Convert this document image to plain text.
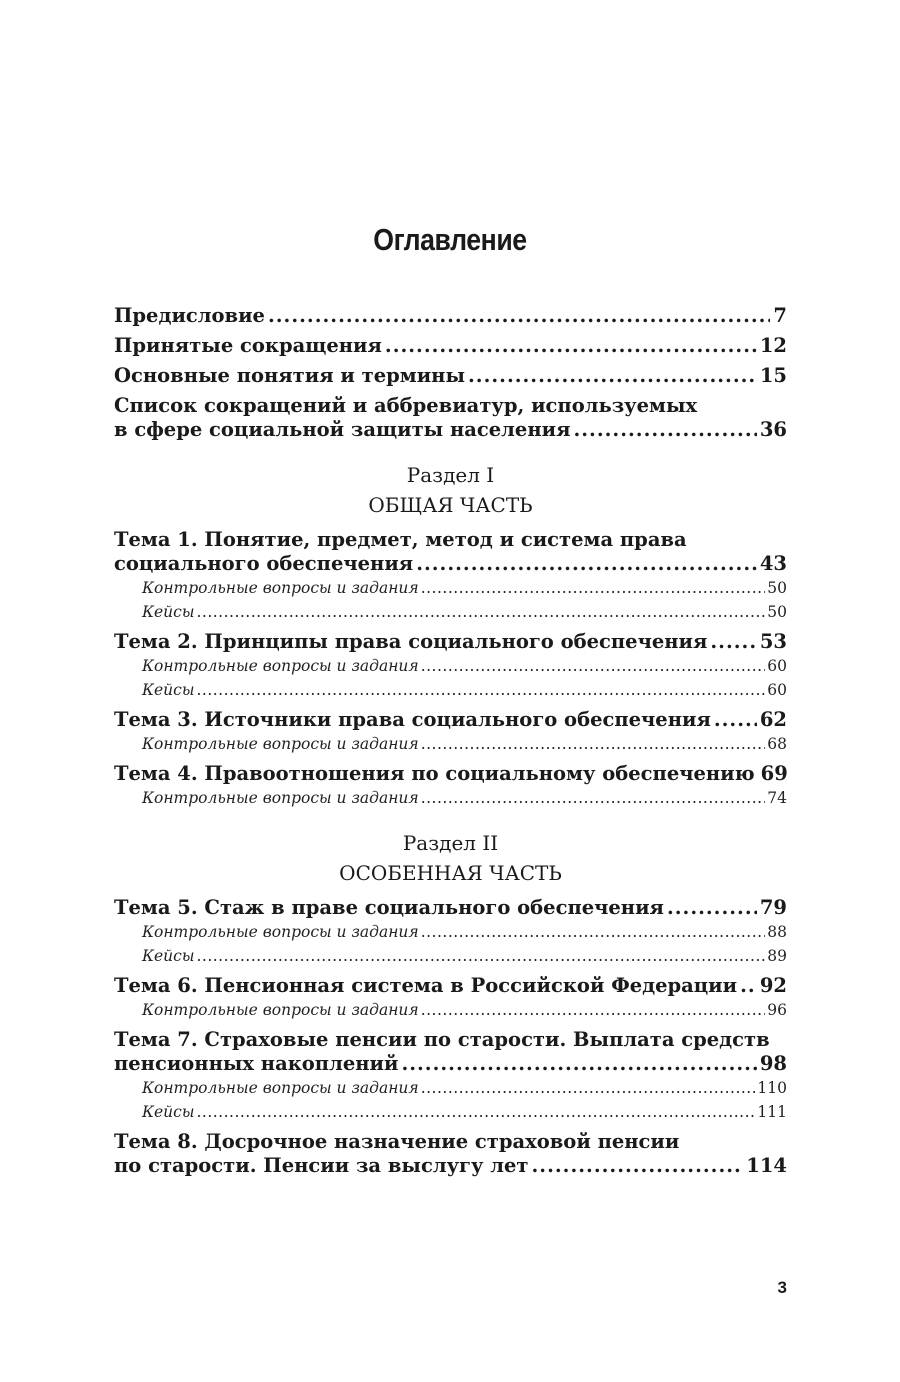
Оглавление
Предисловие .....	7
Принятые сокращения .....	12
Основные понятия и термины .....	15
Список сокращений и аббревиатур, используемых
в сфере социальной защиты населения .....	36
Раздел I
ОБЩАЯ ЧАСТЬ
Тема 1. Понятие, предмет, метод и система права
социального обеспечения .....	43
Контрольные вопросы и задания .....	50
Кейсы .....	50
Тема 2. Принципы права социального обеспечения .....	53
Контрольные вопросы и задания .....	60
Кейсы .....	60
Тема 3. Источники права социального обеспечения .....	62
Контрольные вопросы и задания .....	68
Тема 4. Правоотношения по социальному обеспечению 69
Контрольные вопросы и задания .....	74
Раздел II
ОСОБЕННАЯ ЧАСТЬ
Тема 5. Стаж в праве социального обеспечения .....	79
Контрольные вопросы и задания .....	88
Кейсы .....	89
Тема 6. Пенсионная система в Российской Федерации ..... 92
Контрольные вопросы и задания .....	96
Тема 7. Страховые пенсии по старости. Выплата средств
пенсионных накоплений .....	98
Контрольные вопросы и задания .....	110
Кейсы .....	111
Тема 8. Досрочное назначение страховой пенсии
по старости. Пенсии за выслугу лет .....	114
3
